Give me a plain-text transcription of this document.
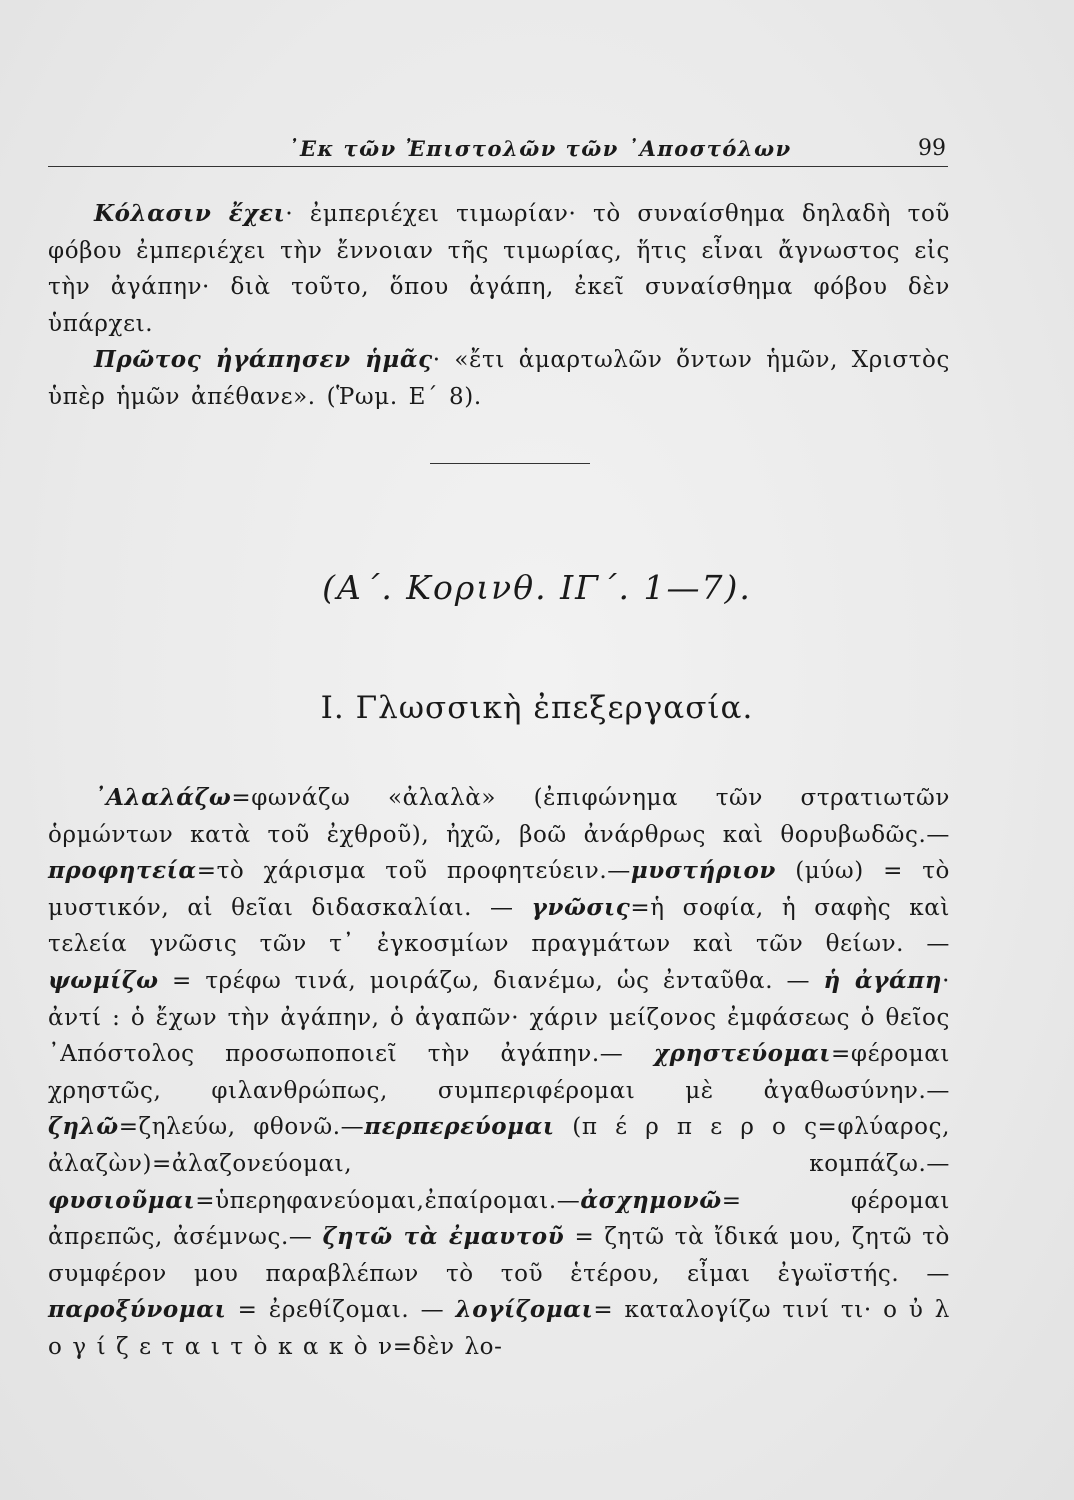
᾿Εκ τῶν Ἐπιστολῶν τῶν ᾿Αποστόλων	99

Κόλασιν ἔχει· ἐμπεριέχει τιμωρίαν· τὸ συναίσθημα δηλαδὴ τοῦ φόβου ἐμπεριέχει τὴν ἔννοιαν τῆς τιμωρίας, ἥτις εἶναι ἄγνωστος εἰς τὴν ἀγάπην· διὰ τοῦτο, ὅπου ἀγάπη, ἐκεῖ συναίσθημα φόβου δὲν ὑπάρχει.

Πρῶτος ἠγάπησεν ἡμᾶς· «ἔτι ἁμαρτωλῶν ὄντων ἡμῶν, Χριστὸς ὑπὲρ ἡμῶν ἀπέθανε». (Ῥωμ. Ε΄ 8).

(Α΄. Κορινθ. ΙΓ΄. 1—7).
Ι. Γλωσσικὴ ἐπεξεργασία.

᾿Αλαλάζω=φωνάζω «ἀλαλὰ» (ἐπιφώνημα τῶν στρατιωτῶν ὁρμώντων κατὰ τοῦ ἐχθροῦ), ἠχῶ, βοῶ ἀνάρθρως καὶ θορυβωδῶς.—προφητεία=τὸ χάρισμα τοῦ προφητεύειν.—μυστήριον (μύω) = τὸ μυστικόν, αἱ θεῖαι διδασκαλίαι. — γνῶσις=ἡ σοφία, ἡ σαφὴς καὶ τελεία γνῶσις τῶν τ᾿ ἐγκοσμίων πραγμάτων καὶ τῶν θείων. — ψωμίζω = τρέφω τινά, μοιράζω, διανέμω, ὡς ἐνταῦθα. — ἡ ἀγάπη· ἀντί : ὁ ἔχων τὴν ἀγάπην, ὁ ἀγαπῶν· χάριν μείζονος ἐμφάσεως ὁ θεῖος ᾿Απόστολος προσωποποιεῖ τὴν ἀγάπην.— χρηστεύομαι=φέρομαι χρηστῶς, φιλανθρώπως, συμπεριφέρομαι μὲ ἀγαθωσύνην.— ζηλῶ=ζηλεύω, φθονῶ.—περπερεύομαι (π έ ρ π ε ρ ο ς=φλύαρος, ἀλαζὼν)=ἀλαζονεύομαι, κομπάζω.—φυσιοῦμαι=ὑπερηφανεύομαι,ἐπαίρομαι.—ἀσχημονῶ= φέρομαι ἀπρεπῶς, ἀσέμνως.— ζητῶ τὰ ἐμαυτοῦ = ζητῶ τὰ ἴδικά μου, ζητῶ τὸ συμφέρον μου παραβλέπων τὸ τοῦ ἑτέρου, εἶμαι ἐγωϊστής. — παροξύνομαι = ἐρεθίζομαι. — λογίζομαι= καταλογίζω τινί τι· ο ὐ λ ο γ ί ζ ε τ α ι τ ὸ κ α κ ὸ ν=δὲν λο-
